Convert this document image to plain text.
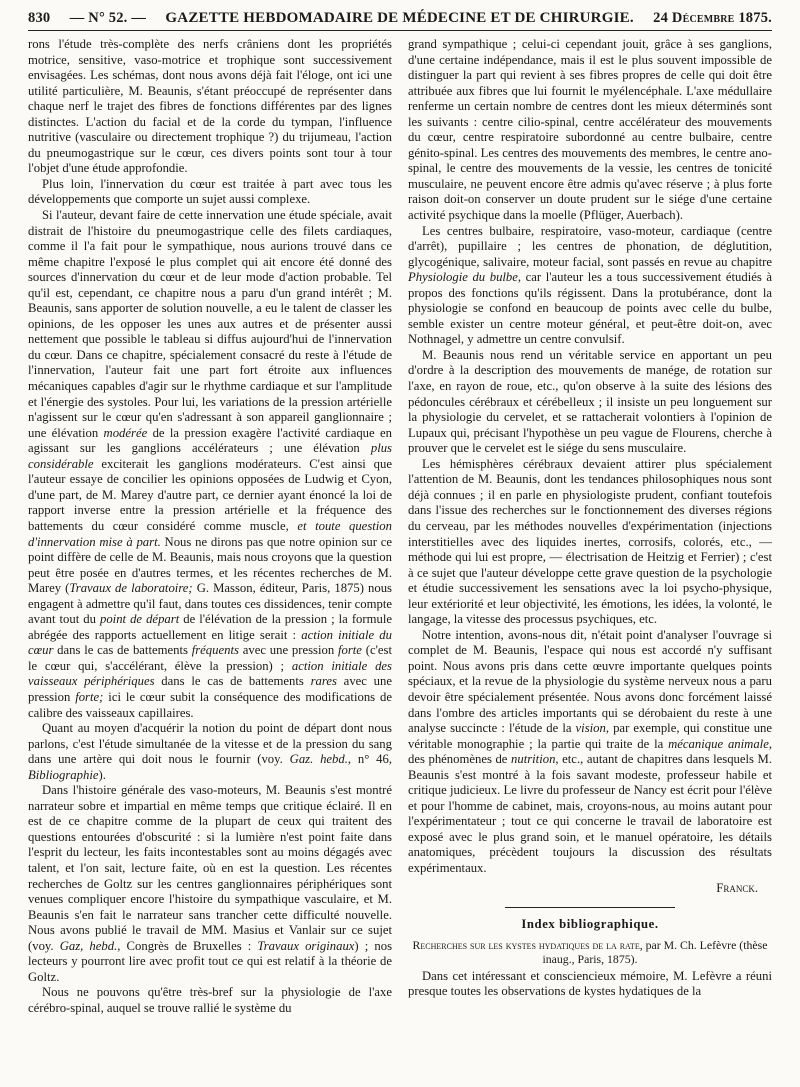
830 — N° 52. — GAZETTE HEBDOMADAIRE DE MÉDECINE ET DE CHIRURGIE. 24 Décembre 1875.

rons l'étude très-complète des nerfs crâniens dont les propriétés motrice, sensitive, vaso-motrice et trophique sont successivement envisagées. Les schémas, dont nous avons déjà fait l'éloge, ont ici une utilité particulière, M. Beaunis, s'étant préoccupé de représenter dans chaque nerf le trajet des fibres de fonctions différentes par des lignes distinctes. L'action du facial et de la corde du tympan, l'influence nutritive (vasculaire ou directement trophique ?) du trijumeau, l'action du pneumogastrique sur le cœur, ces divers points sont tour à tour l'objet d'une étude approfondie.

Plus loin, l'innervation du cœur est traitée à part avec tous les développements que comporte un sujet aussi complexe.

Si l'auteur, devant faire de cette innervation une étude spéciale, avait distrait de l'histoire du pneumogastrique celle des filets cardiaques, comme il l'a fait pour le sympathique, nous aurions trouvé dans ce même chapitre l'exposé le plus complet qui ait encore été donné des sources d'innervation du cœur et de leur mode d'action probable. Tel qu'il est, cependant, ce chapitre nous a paru d'un grand intérêt ; M. Beaunis, sans apporter de solution nouvelle, a eu le talent de classer les opinions, de les opposer les unes aux autres et de présenter aussi nettement que possible le tableau si diffus aujourd'hui de l'innervation du cœur. Dans ce chapitre, spécialement consacré du reste à l'étude de l'innervation, l'auteur fait une part fort étroite aux influences mécaniques capables d'agir sur le rhythme cardiaque et sur l'amplitude et l'énergie des systoles. Pour lui, les variations de la pression artérielle n'agissent sur le cœur qu'en s'adressant à son appareil ganglionnaire ; une élévation modérée de la pression exagère l'activité cardiaque en agissant sur les ganglions accélérateurs ; une élévation plus considérable exciterait les ganglions modérateurs. C'est ainsi que l'auteur essaye de concilier les opinions opposées de Ludwig et Cyon, d'une part, de M. Marey d'autre part, ce dernier ayant énoncé la loi de rapport inverse entre la pression artérielle et la fréquence des battements du cœur considéré comme muscle, et toute question d'innervation mise à part. Nous ne dirons pas que notre opinion sur ce point diffère de celle de M. Beaunis, mais nous croyons que la question peut être posée en d'autres termes, et les récentes recherches de M. Marey (Travaux de laboratoire; G. Masson, éditeur, Paris, 1875) nous engagent à admettre qu'il faut, dans toutes ces dissidences, tenir compte avant tout du point de départ de l'élévation de la pression ; la formule abrégée des rapports actuellement en litige serait : action initiale du cœur dans le cas de battements fréquents avec une pression forte (c'est le cœur qui, s'accélérant, élève la pression) ; action initiale des vaisseaux périphériques dans le cas de battements rares avec une pression forte; ici le cœur subit la conséquence des modifications de calibre des vaisseaux capillaires.

Quant au moyen d'acquérir la notion du point de départ dont nous parlons, c'est l'étude simultanée de la vitesse et de la pression du sang dans une artère qui doit nous le fournir (voy. Gaz. hebd., n° 46, Bibliographie).

Dans l'histoire générale des vaso-moteurs, M. Beaunis s'est montré narrateur sobre et impartial en même temps que critique éclairé. Il en est de ce chapitre comme de la plupart de ceux qui traitent des questions entourées d'obscurité : si la lumière n'est point faite dans l'esprit du lecteur, les faits incontestables sont au moins dégagés avec talent, et l'on sait, lecture faite, où en est la question. Les récentes recherches de Goltz sur les centres ganglionnaires périphériques sont venues compliquer encore l'histoire du sympathique vasculaire, et M. Beaunis s'en fait le narrateur sans trancher cette difficulté nouvelle. Nous avons publié le travail de MM. Masius et Vanlair sur ce sujet (voy. Gaz, hebd., Congrès de Bruxelles : Travaux originaux) ; nos lecteurs y pourront lire avec profit tout ce qui est relatif à la théorie de Goltz.

Nous ne pouvons qu'être très-bref sur la physiologie de l'axe cérébro-spinal, auquel se trouve rallié le système du

grand sympathique ; celui-ci cependant jouit, grâce à ses ganglions, d'une certaine indépendance, mais il est le plus souvent impossible de distinguer la part qui revient à ses fibres propres de celle qui doit être attribuée aux fibres que lui fournit le myélencéphale. L'axe médullaire renferme un certain nombre de centres dont les mieux déterminés sont les suivants : centre cilio-spinal, centre accélérateur des mouvements du cœur, centre respiratoire subordonné au centre bulbaire, centre génito-spinal. Les centres des mouvements des membres, le centre ano-spinal, le centre des mouvements de la vessie, les centres de tonicité musculaire, ne peuvent encore être admis qu'avec réserve ; à plus forte raison doit-on conserver un doute prudent sur le siége d'une certaine activité psychique dans la moelle (Pflüger, Auerbach).

Les centres bulbaire, respiratoire, vaso-moteur, cardiaque (centre d'arrêt), pupillaire ; les centres de phonation, de déglutition, glycogénique, salivaire, moteur facial, sont passés en revue au chapitre Physiologie du bulbe, car l'auteur les a tous successivement étudiés à propos des fonctions qu'ils régissent. Dans la protubérance, dont la physiologie se confond en beaucoup de points avec celle du bulbe, semble exister un centre moteur général, et peut-être doit-on, avec Nothnagel, y admettre un centre convulsif.

M. Beaunis nous rend un véritable service en apportant un peu d'ordre à la description des mouvements de manége, de rotation sur l'axe, en rayon de roue, etc., qu'on observe à la suite des lésions des pédoncules cérébraux et cérébelleux ; il insiste un peu longuement sur la physiologie du cervelet, et se rattacherait volontiers à l'opinion de Lupaux qui, précisant l'hypothèse un peu vague de Flourens, cherche à prouver que le cervelet est le siége du sens musculaire.

Les hémisphères cérébraux devaient attirer plus spécialement l'attention de M. Beaunis, dont les tendances philosophiques nous sont déjà connues ; il en parle en physiologiste prudent, confiant toutefois dans l'issue des recherches sur le fonctionnement des diverses régions du cerveau, par les méthodes nouvelles d'expérimentation (injections interstitielles avec des liquides inertes, corrosifs, colorés, etc., — méthode qui lui est propre, — électrisation de Heitzig et Ferrier) ; c'est à ce sujet que l'auteur développe cette grave question de la psychologie et étudie successivement les sensations avec la loi psycho-physique, leur extériorité et leur objectivité, les émotions, les idées, la volonté, le langage, la vitesse des processus psychiques, etc.

Notre intention, avons-nous dit, n'était point d'analyser l'ouvrage si complet de M. Beaunis, l'espace qui nous est accordé n'y suffisant point. Nous avons pris dans cette œuvre importante quelques points spéciaux, et la revue de la physiologie du système nerveux nous a paru devoir être spécialement présentée. Nous avons donc forcément laissé dans l'ombre des articles importants qui se dérobaient du reste à une analyse succincte : l'étude de la vision, par exemple, qui constitue une véritable monographie ; la partie qui traite de la mécanique animale, des phénomènes de nutrition, etc., autant de chapitres dans lesquels M. Beaunis s'est montré à la fois savant modeste, professeur habile et critique judicieux. Le livre du professeur de Nancy est écrit pour l'élève et pour l'homme de cabinet, mais, croyons-nous, au moins autant pour l'expérimentateur ; tout ce qui concerne le travail de laboratoire est exposé avec le plus grand soin, et le manuel opératoire, les détails anatomiques, précèdent toujours la discussion des résultats expérimentaux.

Franck.
Index bibliographique.
Recherches sur les kystes hydatiques de la rate, par M. Ch. Lefèvre (thèse inaug., Paris, 1875).

Dans cet intéressant et consciencieux mémoire, M. Lefèvre a réuni presque toutes les observations de kystes hydatiques de la
